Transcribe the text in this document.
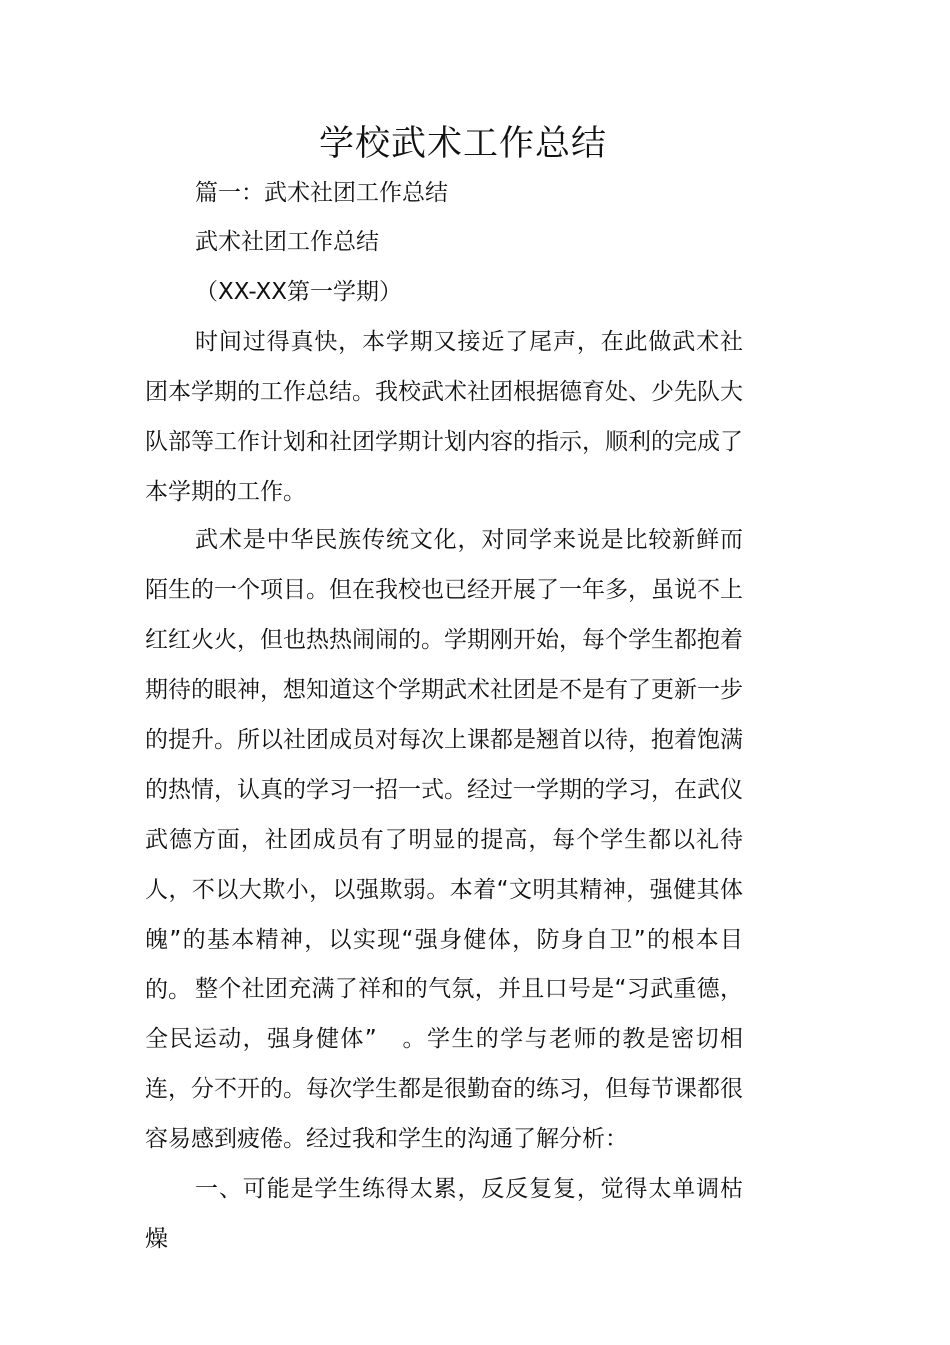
学校武术工作总结
篇一：武术社团工作总结
武术社团工作总结
（XX-XX第一学期）

时间过得真快，本学期又接近了尾声，在此做武术社团本学期的工作总结。我校武术社团根据德育处、少先队大队部等工作计划和社团学期计划内容的指示，顺利的完成了本学期的工作。

武术是中华民族传统文化，对同学来说是比较新鲜而陌生的一个项目。但在我校也已经开展了一年多，虽说不上红红火火，但也热热闹闹的。学期刚开始，每个学生都抱着期待的眼神，想知道这个学期武术社团是不是有了更新一步的提升。所以社团成员对每次上课都是翘首以待，抱着饱满的热情，认真的学习一招一式。经过一学期的学习，在武仪武德方面，社团成员有了明显的提高，每个学生都以礼待人，不以大欺小，以强欺弱。本着“文明其精神，强健其体魄”的基本精神，以实现“强身健体，防身自卫”的根本目的。 整个社团充满了祥和的气氛，并且口号是“习武重德，全民运动，强身健体”　。学生的学与老师的教是密切相连，分不开的。每次学生都是很勤奋的练习，但每节课都很容易感到疲倦。经过我和学生的沟通了解分析：

一、可能是学生练得太累，反反复复，觉得太单调枯燥
